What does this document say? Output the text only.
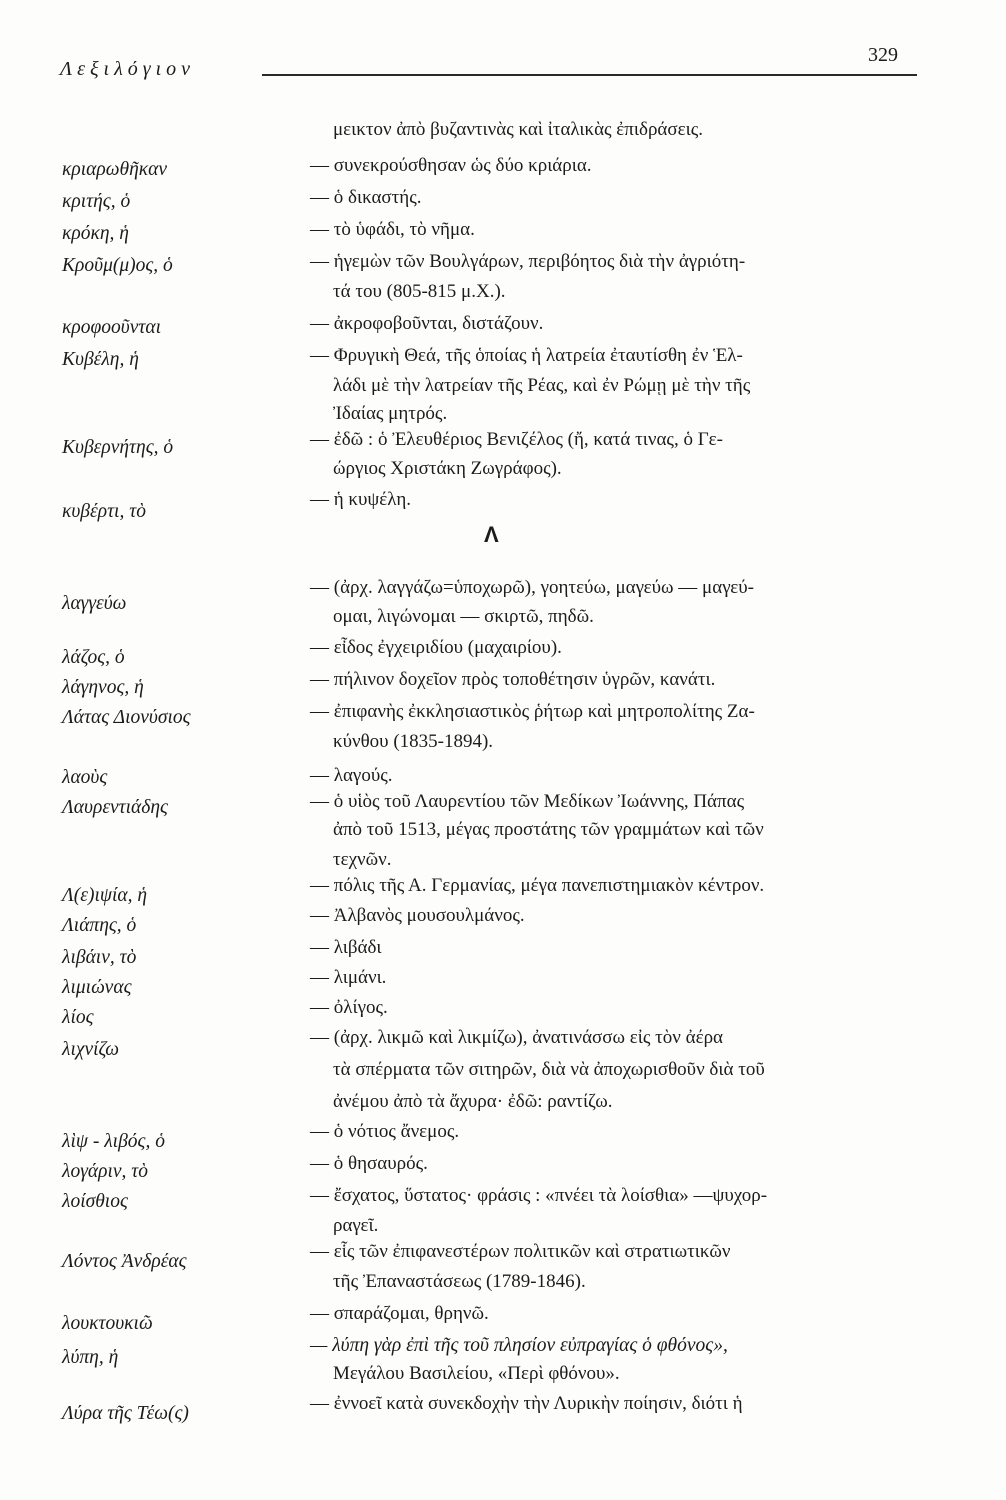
Λεξιλόγιον
329
μεικτον ἀπὸ βυζαντινὰς καὶ ἰταλικὰς ἐπιδράσεις.
κριαρωθῆκαν	— συνεκρούσθησαν ὡς δύο κριάρια.
κριτής, ὁ	— ὁ δικαστής.
κρόκη, ἡ	— τὸ ὑφάδι, τὸ νῆμα.
Κροῦμ(μ)ος, ὁ	— ἡγεμὼν τῶν Βουλγάρων, περιβόητος διὰ τὴν ἀγριότη-
τά του (805-815 μ.Χ.).
κροφοοῦνται	— ἀκροφοβοῦνται, διστάζουν.
Κυβέλη, ἡ	— Φρυγικὴ Θεά, τῆς ὁποίας ἡ λατρεία ἐταυτίσθη ἐν Ἑλ-
λάδι μὲ τὴν λατρείαν τῆς Ρέας, καὶ ἐν Ρώμῃ μὲ τὴν τῆς
Ἰδαίας μητρός.
Κυβερνήτης, ὁ	— ἐδῶ : ὁ Ἐλευθέριος Βενιζέλος (ἤ, κατά τινας, ὁ Γε-
ώργιος Χριστάκη Ζωγράφος).
κυβέρτι, τὸ
— ἡ κυψέλη.
Λ
λαγγεύω
— (ἀρχ. λαγγάζω=ὑποχωρῶ), γοητεύω, μαγεύω — μαγεύ-
ομαι, λιγώνομαι — σκιρτῶ, πηδῶ.
λάζος, ὁ	— εἶδος ἐγχειριδίου (μαχαιρίου).
λάγηνος, ἡ	— πήλινον δοχεῖον πρὸς τοποθέτησιν ὑγρῶν, κανάτι.
Λάτας Διονύσιος	— ἐπιφανὴς ἐκκλησιαστικὸς ῥήτωρ καὶ μητροπολίτης Ζα-
κύνθου (1835-1894).
λαοὺς	— λαγούς.
Λαυρεντιάδης	— ὁ υἱὸς τοῦ Λαυρεντίου τῶν Μεδίκων Ἰωάννης, Πάπας
ἀπὸ τοῦ 1513, μέγας προστάτης τῶν γραμμάτων καὶ τῶν
τεχνῶν.
Λ(ε)ιψία, ἡ	— πόλις τῆς Α. Γερμανίας, μέγα πανεπιστημιακὸν κέντρον.
Λιάπης, ὁ	— Ἀλβανὸς μουσουλμάνος.
λιβάιν, τὸ	— λιβάδι
λιμιώνας	— λιμάνι.
λίος	— ὀλίγος.
λιχνίζω
— (ἀρχ. λικμῶ καὶ λικμίζω), ἀνατινάσσω εἰς τὸν ἀέρα
τὰ σπέρματα τῶν σιτηρῶν, διὰ νὰ ἀποχωρισθοῦν διὰ τοῦ
ἀνέμου ἀπὸ τὰ ἄχυρα· ἐδῶ: ραντίζω.
λὶψ - λιβός, ὁ	— ὁ νότιος ἄνεμος.
λογάριν, τὸ	— ὁ θησαυρός.
λοίσθιος	— ἔσχατος, ὕστατος· φράσις : «πνέει τὰ λοίσθια» —ψυχορ-
ραγεῖ.
Λόντος Ἀνδρέας	— εἷς τῶν ἐπιφανεστέρων πολιτικῶν καὶ στρατιωτικῶν
τῆς Ἐπαναστάσεως (1789-1846).
λουκτουκιῶ	— σπαράζομαι, θρηνῶ.
λύπη, ἡ
— λύπη γὰρ ἐπὶ τῆς τοῦ πλησίον εὐπραγίας ὁ φθόνος»,
Μεγάλου Βασιλείου, «Περὶ φθόνου».
Λύρα τῆς Τέω(ς)	— ἐννοεῖ κατὰ συνεκδοχὴν τὴν Λυρικὴν ποίησιν, διότι ἡ
